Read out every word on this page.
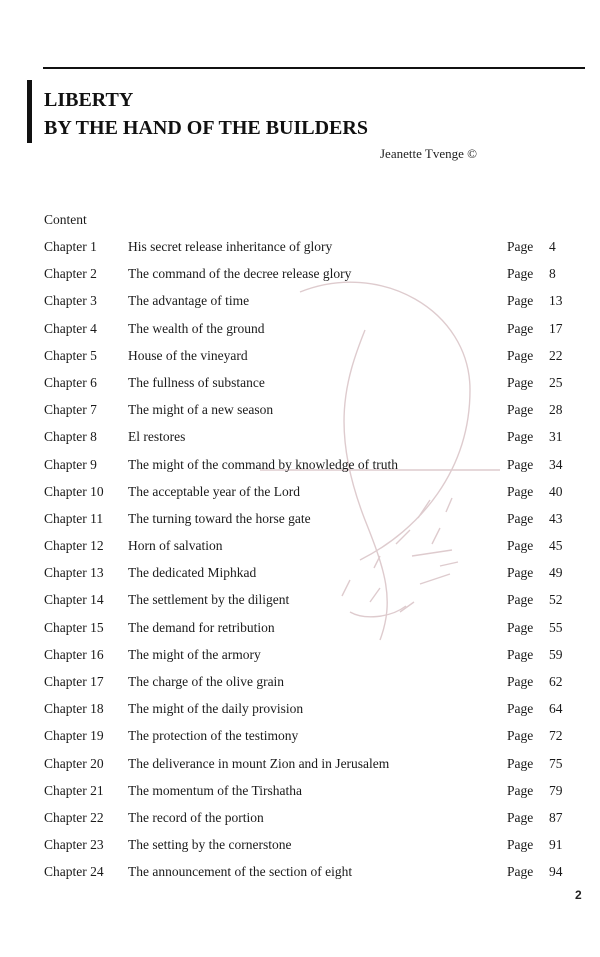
LIBERTY
BY THE HAND OF THE BUILDERS
Jeanette Tvenge ©
Content
Chapter 1 His secret release inheritance of glory	Page 4
Chapter 2 The command of the decree release glory	Page 8
Chapter 3 The advantage of time	Page 13
Chapter 4 The wealth of the ground	Page 17
Chapter 5 House of the vineyard	Page 22
Chapter 6 The fullness of substance	Page 25
Chapter 7 The might of a new season	Page 28
Chapter 8 El restores	Page 31
Chapter 9 The might of the command by knowledge of truth	Page 34
Chapter 10 The acceptable year of the Lord	Page 40
Chapter 11 The turning toward the horse gate	Page 43
Chapter 12 Horn of salvation	Page 45
Chapter 13 The dedicated Miphkad	Page 49
Chapter 14 The settlement by the diligent	Page 52
Chapter 15 The demand for retribution	Page 55
Chapter 16 The might of the armory	Page 59
Chapter 17 The charge of the olive grain	Page 62
Chapter 18 The might of the daily provision	Page 64
Chapter 19 The protection of the testimony	Page 72
Chapter 20 The deliverance in mount Zion and in Jerusalem	Page 75
Chapter 21 The momentum of the Tirshatha	Page 79
Chapter 22 The record of the portion	Page 87
Chapter 23 The setting by the cornerstone	Page 91
Chapter 24 The announcement of the section of eight	Page 94
2
